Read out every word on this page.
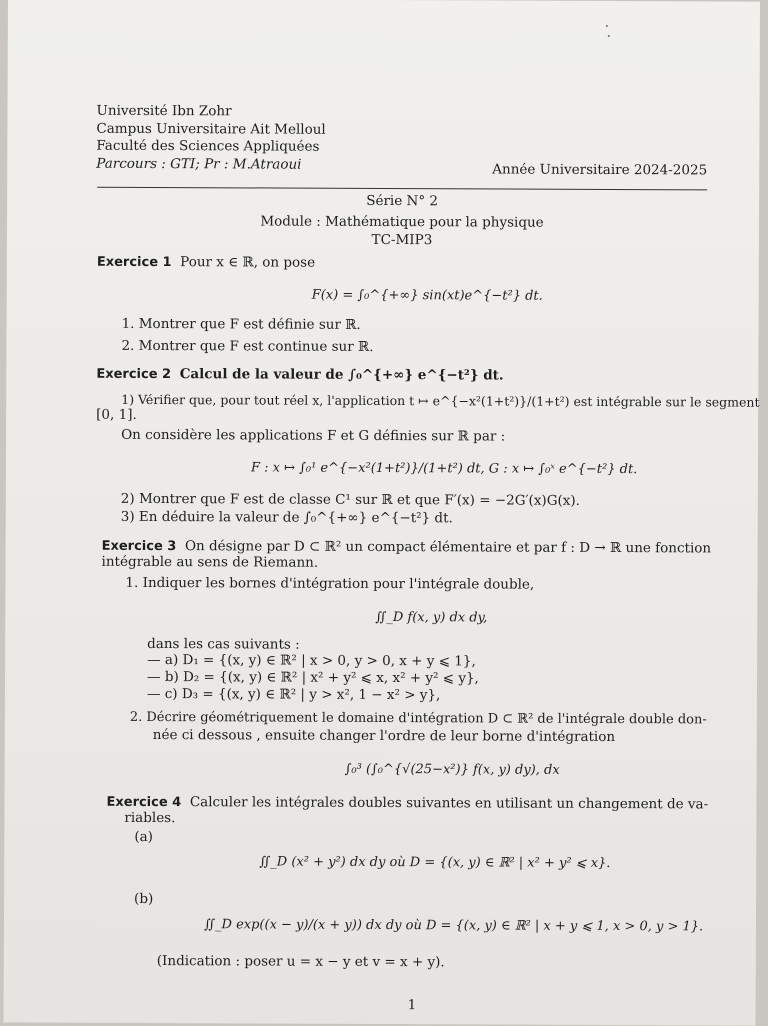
Université Ibn Zohr
Campus Universitaire Ait Melloul
Faculté des Sciences Appliquées
Parcours : GTI; Pr : M.Atraoui	Année Universitaire 2024-2025
Série N° 2
Module : Mathématique pour la physique
TC-MIP3
Exercice 1 Pour x ∈ ℝ, on pose
F(x) = ∫₀^{+∞} sin(xt)e^{−t²} dt.
1. Montrer que F est définie sur ℝ.
2. Montrer que F est continue sur ℝ.
Exercice 2 Calcul de la valeur de ∫₀^{+∞} e^{−t²} dt.
1) Vérifier que, pour tout réel x, l'application t ↦ e^{−x²(1+t²)}/(1+t²) est intégrable sur le segment
[0, 1].
On considère les applications F et G définies sur ℝ par :
F : x ↦ ∫₀¹ e^{−x²(1+t²)}/(1+t²) dt, G : x ↦ ∫₀ˣ e^{−t²} dt.
2) Montrer que F est de classe C¹ sur ℝ et que F′(x) = −2G′(x)G(x).
3) En déduire la valeur de ∫₀^{+∞} e^{−t²} dt.
Exercice 3 On désigne par D ⊂ ℝ² un compact élémentaire et par f : D → ℝ une fonction
intégrable au sens de Riemann.
1. Indiquer les bornes d'intégration pour l'intégrale double,
∬_D f(x, y) dx dy,
dans les cas suivants :
— a) D₁ = {(x, y) ∈ ℝ² | x > 0, y > 0, x + y ⩽ 1},
— b) D₂ = {(x, y) ∈ ℝ² | x² + y² ⩽ x, x² + y² ⩽ y},
— c) D₃ = {(x, y) ∈ ℝ² | y > x², 1 − x² > y},
2. Décrire géométriquement le domaine d'intégration D ⊂ ℝ² de l'intégrale double don-
née ci dessous , ensuite changer l'ordre de leur borne d'intégration
∫₀³ (∫₀^{√(25−x²)} f(x, y) dy), dx
Exercice 4 Calculer les intégrales doubles suivantes en utilisant un changement de va-
riables.
(a)
∬_D (x² + y²) dx dy où D = {(x, y) ∈ ℝ² | x² + y² ⩽ x}.
(b)
∬_D exp((x − y)/(x + y)) dx dy où D = {(x, y) ∈ ℝ² | x + y ⩽ 1, x > 0, y > 1}.
(Indication : poser u = x − y et v = x + y).
1
